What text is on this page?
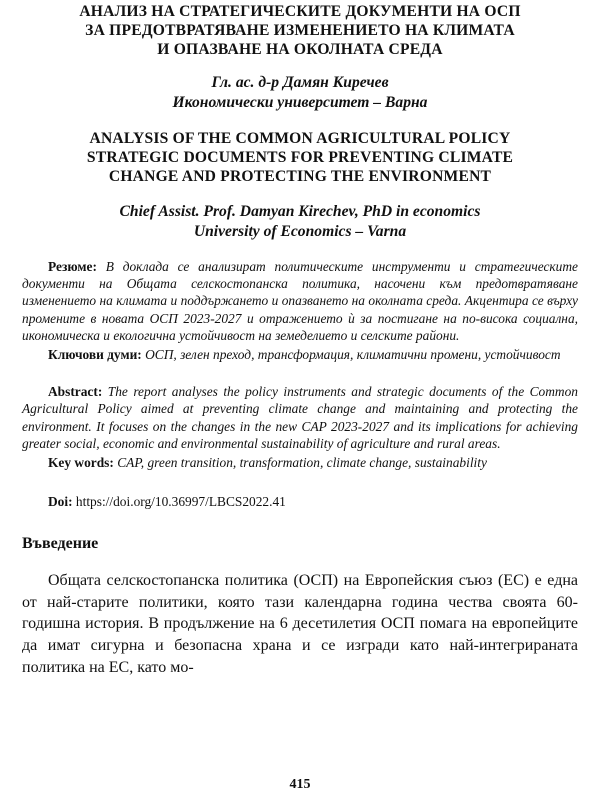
АНАЛИЗ НА СТРАТЕГИЧЕСКИТЕ ДОКУМЕНТИ НА ОСП
ЗА ПРЕДОТВРАТЯВАНЕ ИЗМЕНЕНИЕТО НА КЛИМАТА
И ОПАЗВАНЕ НА ОКОЛНАТА СРЕДА
Гл. ас. д-р Дамян Киречев
Икономически университет – Варна
ANALYSIS OF THE COMMON AGRICULTURAL POLICY
STRATEGIC DOCUMENTS FOR PREVENTING CLIMATE
CHANGE AND PROTECTING THE ENVIRONMENT
Chief Assist. Prof. Damyan Kirechev, PhD in economics
University of Economics – Varna

Резюме: В доклада се анализират политическите инструменти и стратегическите документи на Общата селскостопанска политика, насочени към предотвратяване изменението на климата и поддържането и опазването на околната среда. Акцентира се върху промените в новата ОСП 2023-2027 и отражението ѝ за постигане на по-висока социална, икономическа и екологична устойчивост на земеделието и селските райони.

Ключови думи: ОСП, зелен преход, трансформация, климатични промени, устойчивост

Abstract: The report analyses the policy instruments and strategic documents of the Common Agricultural Policy aimed at preventing climate change and maintaining and protecting the environment. It focuses on the changes in the new CAP 2023-2027 and its implications for achieving greater social, economic and environmental sustainability of agriculture and rural areas.

Key words: CAP, green transition, transformation, climate change, sustainability

Doi: https://doi.org/10.36997/LBCS2022.41

Въведение

Общата селскостопанска политика (ОСП) на Европейския съюз (ЕС) е една от най-старите политики, която тази календарна година чества своята 60-годишна история. В продължение на 6 десетилетия ОСП помага на европейците да имат сигурна и безопасна храна и се изгради като най-интегрираната политика на ЕС, като мо-

415
